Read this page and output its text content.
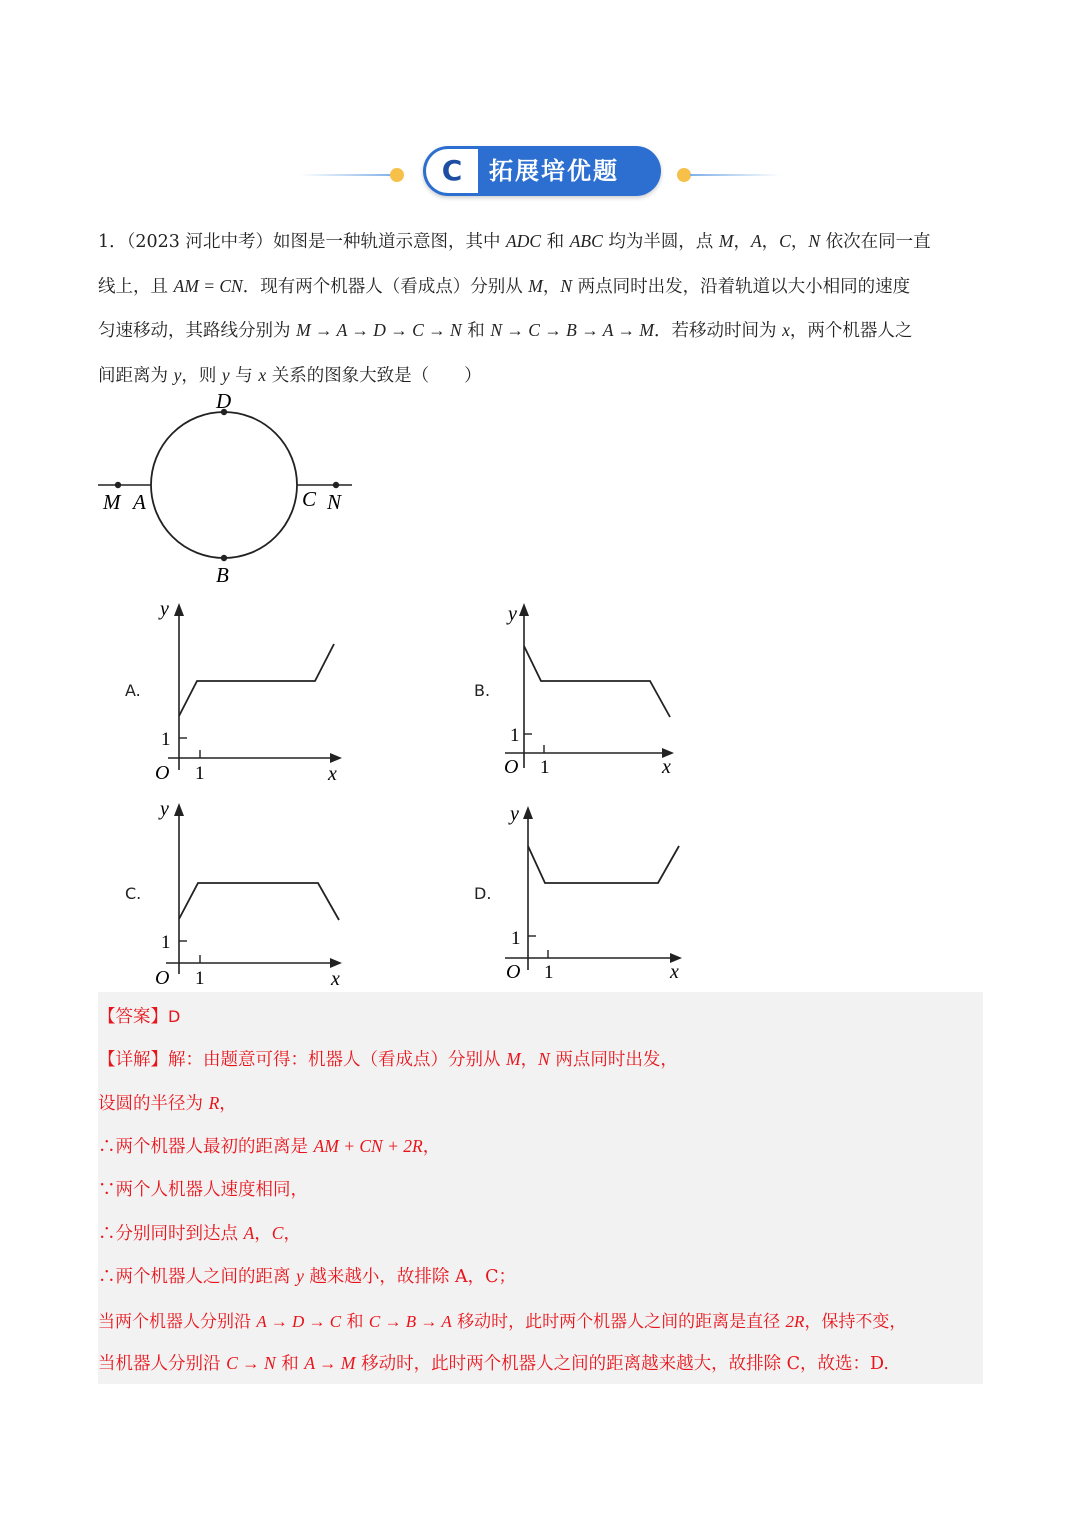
C	拓展培优题
1．（2023 河北中考）如图是一种轨道示意图，其中 ADC 和 ABC 均为半圆，点 M，A，C，N 依次在同一直
线上，且 AM = CN．现有两个机器人（看成点）分别从 M，N 两点同时出发，沿着轨道以大小相同的速度
匀速移动，其路线分别为 M → A → D → C → N 和 N → C → B → A → M．若移动时间为 x，两个机器人之
间距离为 y，则 y 与 x 关系的图象大致是（　　）
D
M A	C N
B
A.
y
1
O 1	x
B.
y
1
O 1	x
C.
y
1
O 1	x
D.
y
1
O 1	x
【答案】D
【详解】解：由题意可得：机器人（看成点）分别从 M，N 两点同时出发，
设圆的半径为 R，
∴两个机器人最初的距离是 AM + CN + 2R，
∵两个人机器人速度相同，
∴分别同时到达点 A，C，
∴两个机器人之间的距离 y 越来越小，故排除 A，C；
当两个机器人分别沿 A → D → C 和 C → B → A 移动时，此时两个机器人之间的距离是直径 2R，保持不变，
当机器人分别沿 C → N 和 A → M 移动时，此时两个机器人之间的距离越来越大，故排除 C，故选：D.
